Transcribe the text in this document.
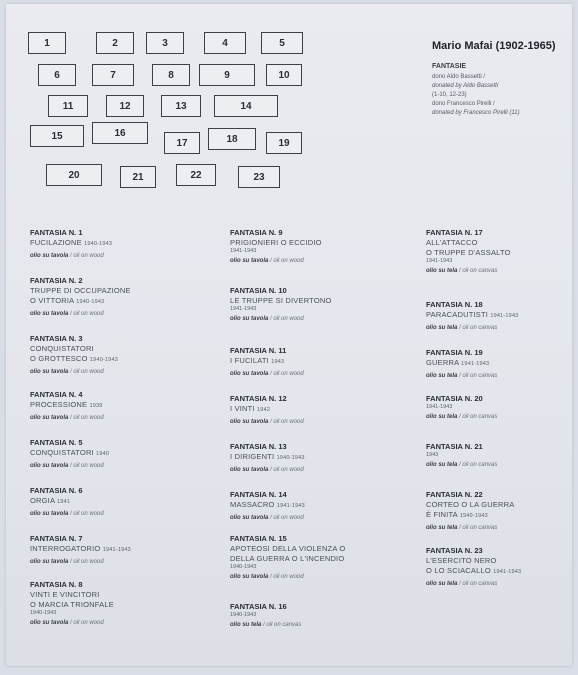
1	2	3	4	5
6	7	8	9	10
11	12	13	14
15	16
17	18	19
20	21	22	23
Mario Mafai (1902-1965)
FANTASIE
dono Aldo Bassetti /
donated by Aldo Bassetti
(1-10, 12-23)
dono Francesco Pirelli /
donated by Francesco Pirelli (11)
FANTASIA N. 1
FUCILAZIONE 1940-1943
olio su tavola / oil on wood
FANTASIA N. 2
TRUPPE DI OCCUPAZIONE
O VITTORIA 1940-1943
olio su tavola / oil on wood
FANTASIA N. 3
CONQUISTATORI
O GROTTESCO 1940-1943
olio su tavola / oil on wood
FANTASIA N. 4
PROCESSIONE 1939
olio su tavola / oil on wood
FANTASIA N. 5
CONQUISTATORI 1940
olio su tavola / oil on wood
FANTASIA N. 6
ORGIA 1941
olio su tavola / oil on wood
FANTASIA N. 7
INTERROGATORIO 1941-1943
olio su tavola / oil on wood
FANTASIA N. 8
VINTI E VINCITORI
O MARCIA TRIONFALE
1940-1943
olio su tavola / oil on wood
FANTASIA N. 9
PRIGIONIERI O ECCIDIO
1941-1943
olio su tavola / oil on wood
FANTASIA N. 10
LE TRUPPE SI DIVERTONO
1941-1943
olio su tavola / oil on wood
FANTASIA N. 11
I FUCILATI 1943
olio su tavola / oil on wood
FANTASIA N. 12
I VINTI 1942
olio su tavola / oil on wood
FANTASIA N. 13
I DIRIGENTI 1940-1943
olio su tavola / oil on wood
FANTASIA N. 14
MASSACRO 1941-1943
olio su tavola / oil on wood
FANTASIA N. 15
APOTEOSI DELLA VIOLENZA O
DELLA GUERRA O L'INCENDIO
1940-1943
olio su tavola / oil on wood
FANTASIA N. 16
1940-1943
olio su tela / oil on canvas
FANTASIA N. 17
ALL'ATTACCO
O TRUPPE D'ASSALTO
1941-1943
olio su tela / oil on canvas
FANTASIA N. 18
PARACADUTISTI 1941-1943
olio su tela / oil on canvas
FANTASIA N. 19
GUERRA 1941-1943
olio su tela / oil on canvas
FANTASIA N. 20
1941-1943
olio su tela / oil on canvas
FANTASIA N. 21
1943
olio su tela / oil on canvas
FANTASIA N. 22
CORTEO O LA GUERRA
È FINITA 1940-1943
olio su tela / oil on canvas
FANTASIA N. 23
L'ESERCITO NERO
O LO SCIACALLO 1941-1943
olio su tela / oil on canvas
